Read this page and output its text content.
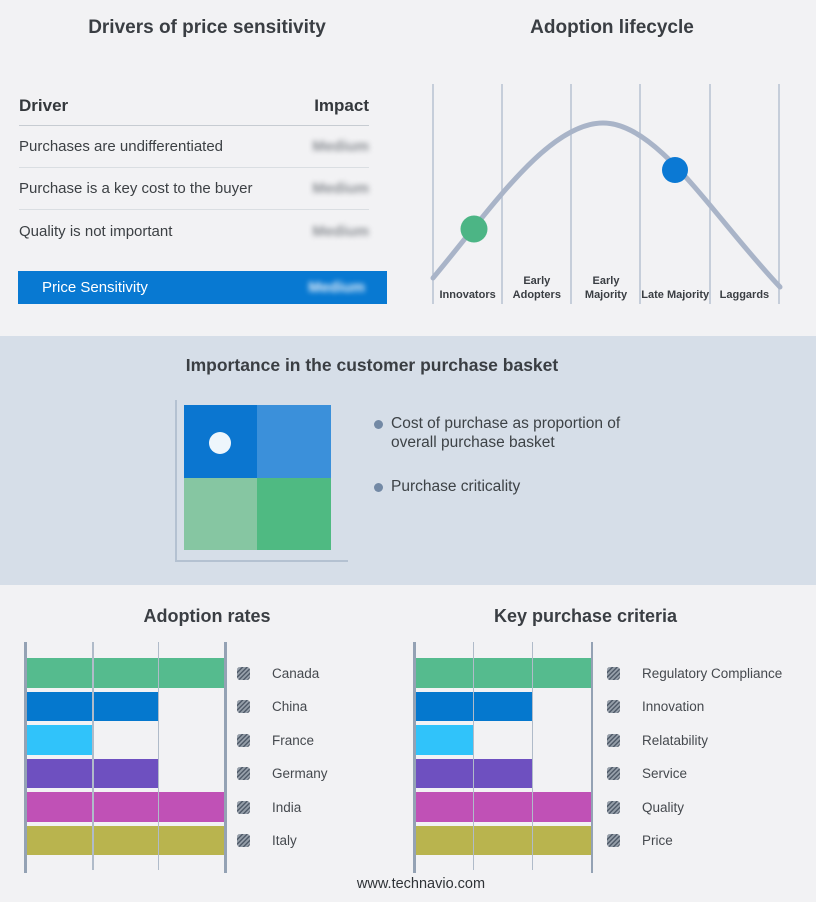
Drivers of price sensitivity
Driver	Impact
Purchases are undifferentiated	Medium
Purchase is a key cost to the buyer	Medium
Quality is not important	Medium
Price Sensitivity	Medium
Adoption lifecycle
Innovators
Early Adopters
Early Majority	Late Majority Laggards
Importance in the customer purchase basket
Cost of purchase as proportion of overall purchase basket
Purchase criticality
Adoption rates
Canada
China
France
Germany
India
Italy
Key purchase criteria
Regulatory Compliance
Innovation
Relatability
Service
Quality
Price
www.technavio.com
